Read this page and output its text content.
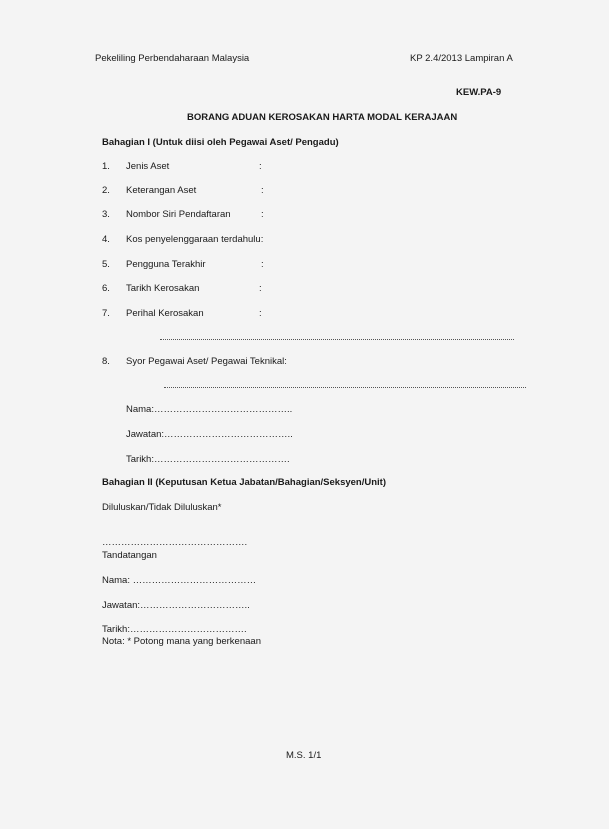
Pekeliling Perbendaharaan Malaysia	KP 2.4/2013 Lampiran A
KEW.PA-9
BORANG ADUAN KEROSAKAN HARTA MODAL KERAJAAN
Bahagian I (Untuk diisi oleh Pegawai Aset/ Pengadu)
1. Jenis Aset	:
2. Keterangan Aset	:
3. Nombor Siri Pendaftaran	:
4. Kos penyelenggaraan terdahulu:
5. Pengguna Terakhir	:
6. Tarikh Kerosakan	:
7. Perihal Kerosakan	:
8. Syor Pegawai Aset/ Pegawai Teknikal:
Nama:……………………………………..
Jawatan:…………………………………..
Tarikh:…………………………………….
Bahagian II (Keputusan Ketua Jabatan/Bahagian/Seksyen/Unit)
Diluluskan/Tidak Diluluskan*
……………………………………….
Tandatangan
Nama: …………………………………
Jawatan:……………………………..
Tarikh:……………………………….
Nota: * Potong mana yang berkenaan
M.S. 1/1
